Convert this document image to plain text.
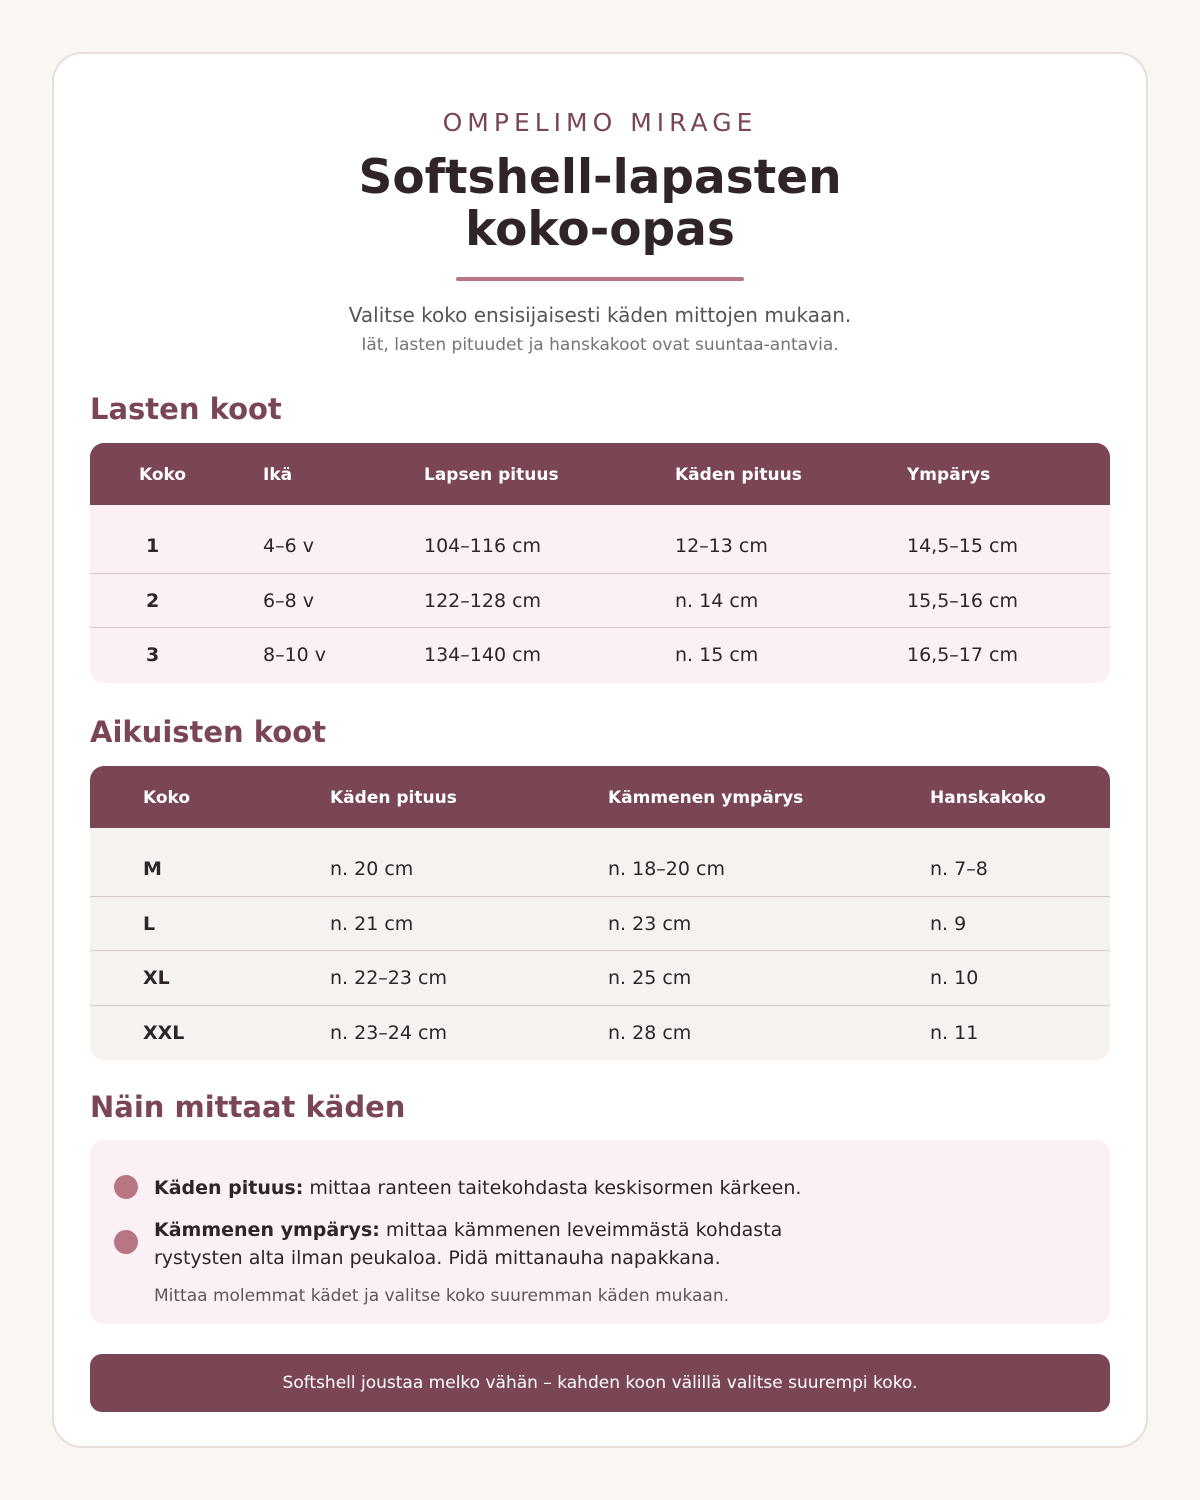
OMPELIMO MIRAGE
Softshell-lapasten
koko-opas
Valitse koko ensisijaisesti käden mittojen mukaan.
Iät, lasten pituudet ja hanskakoot ovat suuntaa-antavia.
Lasten koot
Koko	Ikä	Lapsen pituus	Käden pituus	Ympärys
1	4–6 v	104–116 cm	12–13 cm	14,5–15 cm
2	6–8 v	122–128 cm	n. 14 cm	15,5–16 cm
3	8–10 v	134–140 cm	n. 15 cm	16,5–17 cm
Aikuisten koot
Koko	Käden pituus	Kämmenen ympärys	Hanskakoko
M	n. 20 cm	n. 18–20 cm	n. 7–8
L	n. 21 cm	n. 23 cm	n. 9
XL	n. 22–23 cm	n. 25 cm	n. 10
XXL	n. 23–24 cm	n. 28 cm	n. 11
Näin mittaat käden
Käden pituus: mittaa ranteen taitekohdasta keskisormen kärkeen.
Kämmenen ympärys: mittaa kämmenen leveimmästä kohdasta rystysten alta ilman peukaloa. Pidä mittanauha napakkana.
Mittaa molemmat kädet ja valitse koko suuremman käden mukaan.
Softshell joustaa melko vähän – kahden koon välillä valitse suurempi koko.
